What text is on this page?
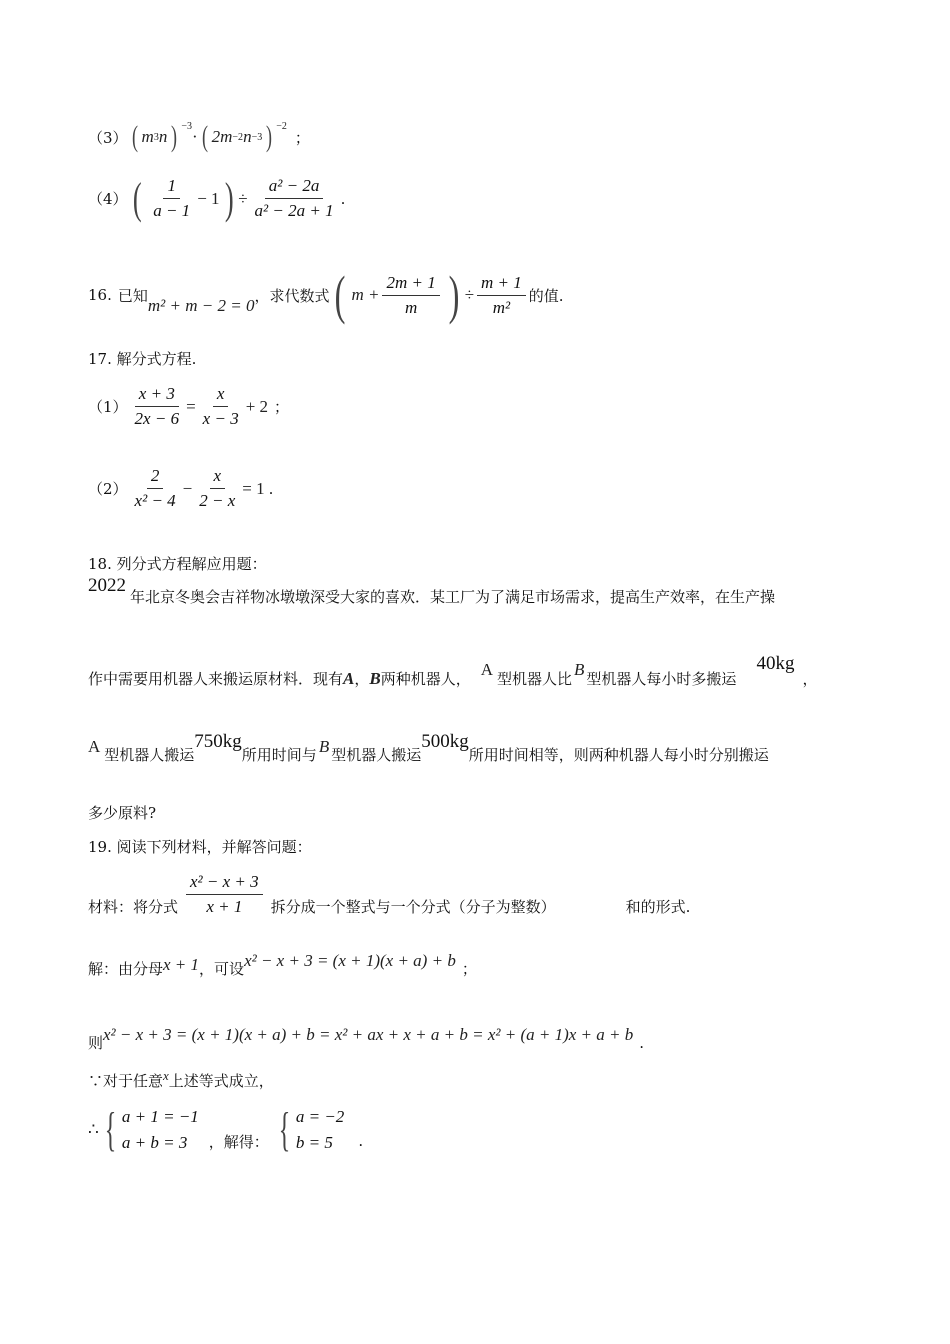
（3） ( m 3 n ) −3
· ( 2m −2 n −3 ) −2
；
（4） ( $\frac{1}{a - 1} - 1$ ) ÷ $\frac{\text{a² − 2a}}{\text{a² − 2a + 1}}$ .
16. 已知
m² + m − 2 = 0
，求代数式 ( $m + \frac{2m + 1}{m}$ ) ÷ $\frac{m + 1}{\text{m²}}$ 的值.
17. 解分式方程.
$(1) \frac{x + 3}{2x - 6} = \frac{x}{x - 3} + 2$ ；
$(2) \frac{2}{\text{x² − 4}} - \frac{x}{2 - x} = 1$ .
18. 列分式方程解应用题：
2022
年北京冬奥会吉祥物冰墩墩深受大家的喜欢．某工厂为了满足市场需求，提高生产效率，在生产操
作中需要用机器人来搬运原材料．现有 A ， B 两种机器人，
A
型机器人比
B
型机器人每小时多搬运
40kg
，
A 型机器人搬运
750kg
所用时间与 B 型机器人搬运
500kg
所用时间相等，则两种机器人每小时分别搬运
多少原料?
19. 阅读下列材料，并解答问题：
材料：将分式 $\frac{\text{x² − x + 3}}{x + 1}$ 拆分成一个整式与一个分式（分子为整数）	和的形式.
解：由分母 x + 1 ，可设 x² − x + 3 = (x + 1)(x + a) + b ；
则 x² − x + 3 = (x + 1)(x + a) + b = x² + ax + x + a + b = x² + (a + 1)x + a + b .
∵对于任意 x 上述等式成立，
∴ { a + 1 = −1
a + b = 3	，解得： { a = −2
b = 5	.
